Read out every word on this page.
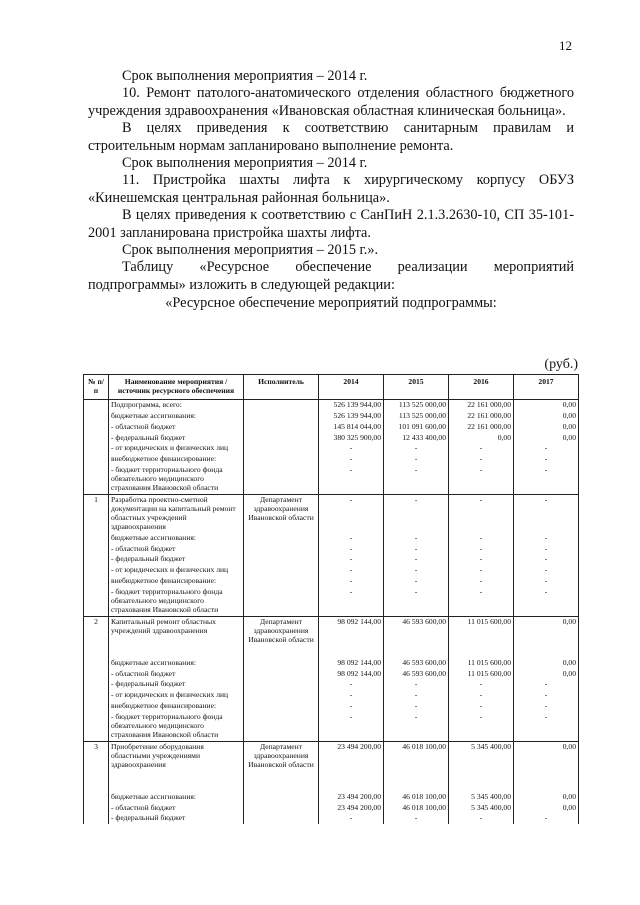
12

Срок выполнения мероприятия – 2014 г.

10. Ремонт патолого-анатомического отделения областного бюджетного учреждения здравоохранения «Ивановская областная клиническая больница».

В целях приведения к соответствию санитарным правилам и строительным нормам запланировано выполнение ремонта.

Срок выполнения мероприятия – 2014 г.

11. Пристройка шахты лифта к хирургическому корпусу ОБУЗ «Кинешемская центральная районная больница».

В целях приведения к соответствию с СанПиН 2.1.3.2630-10, СП 35-101-2001 запланирована пристройка шахты лифта.

Срок выполнения мероприятия – 2015 г.».

Таблицу «Ресурсное обеспечение реализации мероприятий подпрограммы» изложить в следующей редакции:

«Ресурсное обеспечение мероприятий подпрограммы:

(руб.)
№ п/п	Наименование мероприятия / источник ресурсного обеспечения	Исполнитель	2014	2015	2016	2017
	Подпрограмма, всего:		526 139 944,00	113 525 000,00	22 161 000,00	0,00
	бюджетные ассигнования:		526 139 944,00	113 525 000,00	22 161 000,00	0,00
	- областной бюджет		145 814 044,00	101 091 600,00	22 161 000,00	0,00
	- федеральный бюджет		380 325 900,00	12 433 400,00	0,00	0,00
	- от юридических и физических лиц		-	-	-	-
	внебюджетное финансирование:		-	-	-	-
	- бюджет территориального фонда обязательного медицинского страхования Ивановской области		-	-	-	-
1	Разработка проектно-сметной документации на капитальный ремонт областных учреждений здравоохранения	Департамент здравоохранения Ивановской области	-	-	-	-
	бюджетные ассигнования:		-	-	-	-
	- областной бюджет		-	-	-	-
	- федеральный бюджет		-	-	-	-
	- от юридических и физических лиц		-	-	-	-
	внебюджетное финансирование:		-	-	-	-
	- бюджет территориального фонда обязательного медицинского страхования Ивановской области		-	-	-	-
2	Капитальный ремонт областных учреждений здравоохранения	Департамент здравоохранения Ивановской области	98 092 144,00	46 593 600,00	11 015 600,00	0,00
	бюджетные ассигнования:		98 092 144,00	46 593 600,00	11 015 600,00	0,00
	- областной бюджет		98 092 144,00	46 593 600,00	11 015 600,00	0,00
	- федеральный бюджет		-	-	-	-
	- от юридических и физических лиц		-	-	-	-
	внебюджетное финансирование:		-	-	-	-
	- бюджет территориального фонда обязательного медицинского страхования Ивановской области		-	-	-	-
3	Приобретение оборудования областными учреждениями здравоохранения	Департамент здравоохранения Ивановской области	23 494 200,00	46 018 100,00	5 345 400,00	0,00
	бюджетные ассигнования:		23 494 200,00	46 018 100,00	5 345 400,00	0,00
	- областной бюджет		23 494 200,00	46 018 100,00	5 345 400,00	0,00
	- федеральный бюджет		-	-	-	-
